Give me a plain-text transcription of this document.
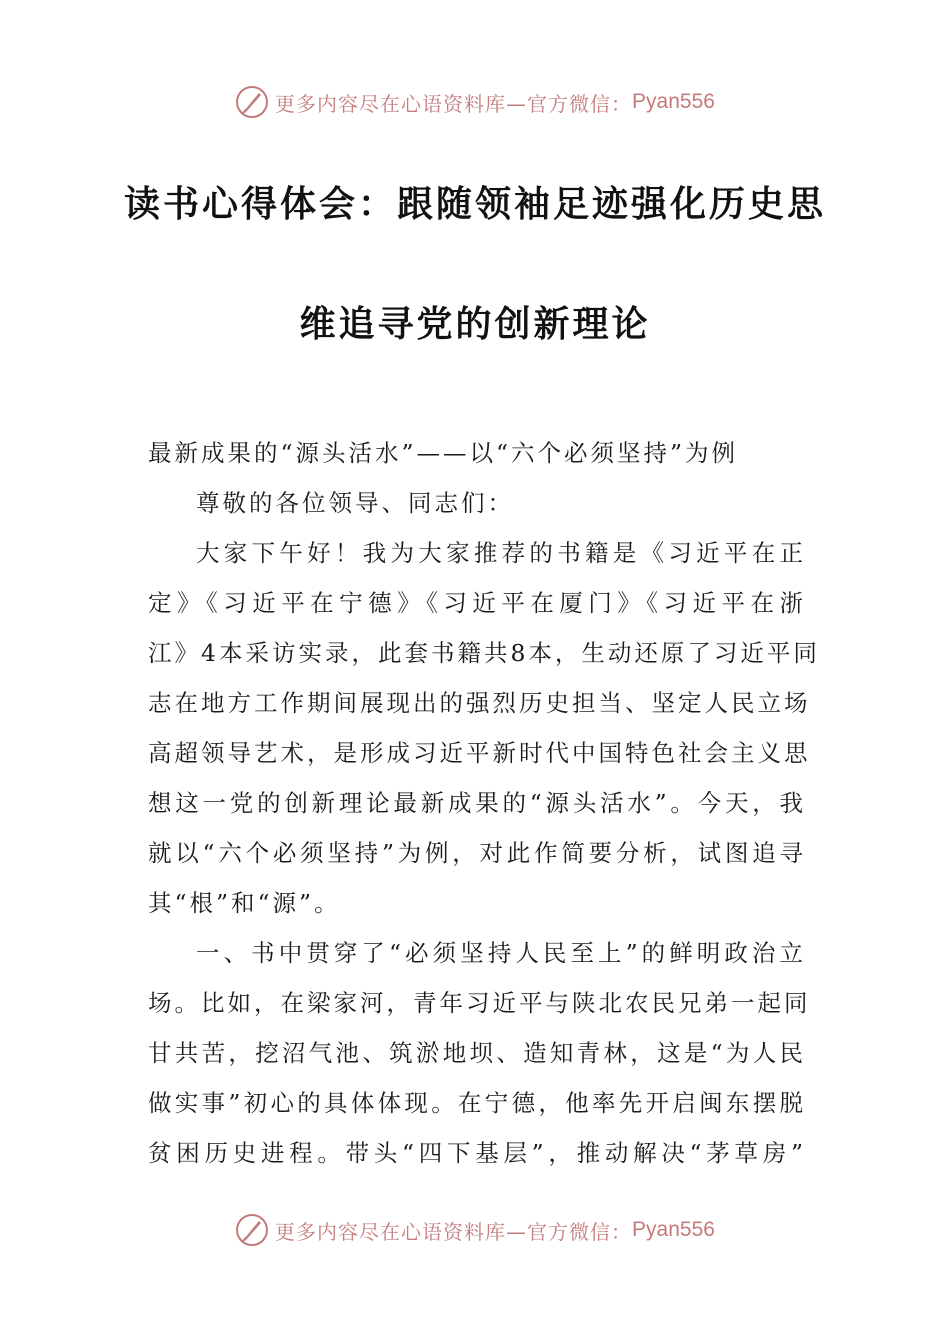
更多内容尽在心语资料库—官方微信： Pyan556
读书心得体会：跟随领袖足迹强化历史思
维追寻党的创新理论
最新成果的“源头活水”——以“六个必须坚持”为例
尊敬的各位领导、同志们：
大家下午好！我为大家推荐的书籍是《习近平在正
定》《习近平在宁德》《习近平在厦门》《习近平在浙
江》4本采访实录，此套书籍共8本，生动还原了习近平同
志在地方工作期间展现出的强烈历史担当、坚定人民立场
高超领导艺术，是形成习近平新时代中国特色社会主义思
想这一党的创新理论最新成果的“源头活水”。今天，我
就以“六个必须坚持”为例，对此作简要分析，试图追寻
其“根”和“源”。
一、书中贯穿了“必须坚持人民至上”的鲜明政治立
场。比如，在梁家河，青年习近平与陕北农民兄弟一起同
甘共苦，挖沼气池、筑淤地坝、造知青林，这是“为人民
做实事”初心的具体体现。在宁德，他率先开启闽东摆脱
贫困历史进程。带头“四下基层”，推动解决“茅草房”
更多内容尽在心语资料库—官方微信： Pyan556
